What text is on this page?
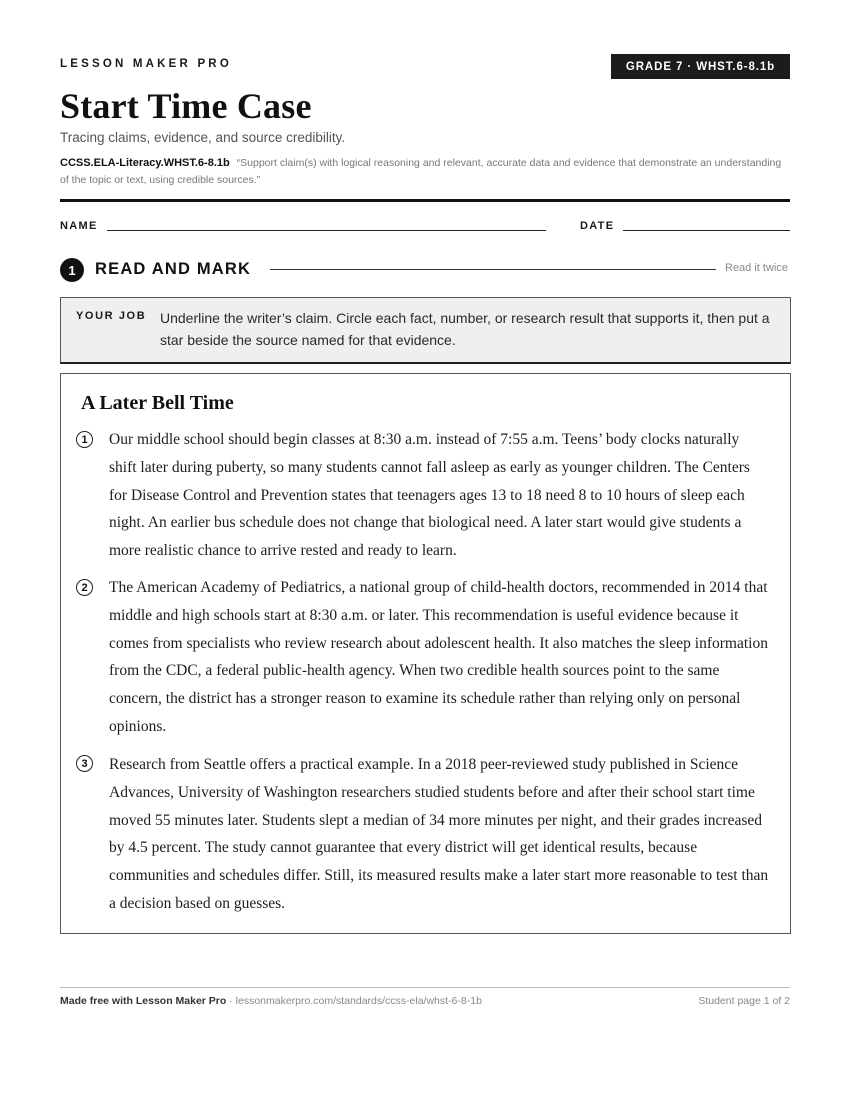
LESSON MAKER PRO	GRADE 7 · WHST.6-8.1b
Start Time Case
Tracing claims, evidence, and source credibility.
CCSS.ELA-Literacy.WHST.6-8.1b “Support claim(s) with logical reasoning and relevant, accurate data and evidence that demonstrate an understanding of the topic or text, using credible sources.”
NAME	DATE
1	READ AND MARK	Read it twice
YOUR JOB Underline the writer’s claim. Circle each fact, number, or research result that supports it, then put a star beside the source named for that evidence.
A Later Bell Time
1	Our middle school should begin classes at 8:30 a.m. instead of 7:55 a.m. Teens’ body clocks naturally shift later during puberty, so many students cannot fall asleep as early as younger children. The Centers for Disease Control and Prevention states that teenagers ages 13 to 18 need 8 to 10 hours of sleep each night. An earlier bus schedule does not change that biological need. A later start would give students a more realistic chance to arrive rested and ready to learn.
2	The American Academy of Pediatrics, a national group of child-health doctors, recommended in 2014 that middle and high schools start at 8:30 a.m. or later. This recommendation is useful evidence because it comes from specialists who review research about adolescent health. It also matches the sleep information from the CDC, a federal public-health agency. When two credible health sources point to the same concern, the district has a stronger reason to examine its schedule rather than relying only on personal opinions.
3	Research from Seattle offers a practical example. In a 2018 peer-reviewed study published in Science Advances, University of Washington researchers studied students before and after their school start time moved 55 minutes later. Students slept a median of 34 more minutes per night, and their grades increased by 4.5 percent. The study cannot guarantee that every district will get identical results, because communities and schedules differ. Still, its measured results make a later start more reasonable to test than a decision based on guesses.
Made free with Lesson Maker Pro · lessonmakerpro.com/standards/ccss-ela/whst-6-8-1b	Student page 1 of 2
